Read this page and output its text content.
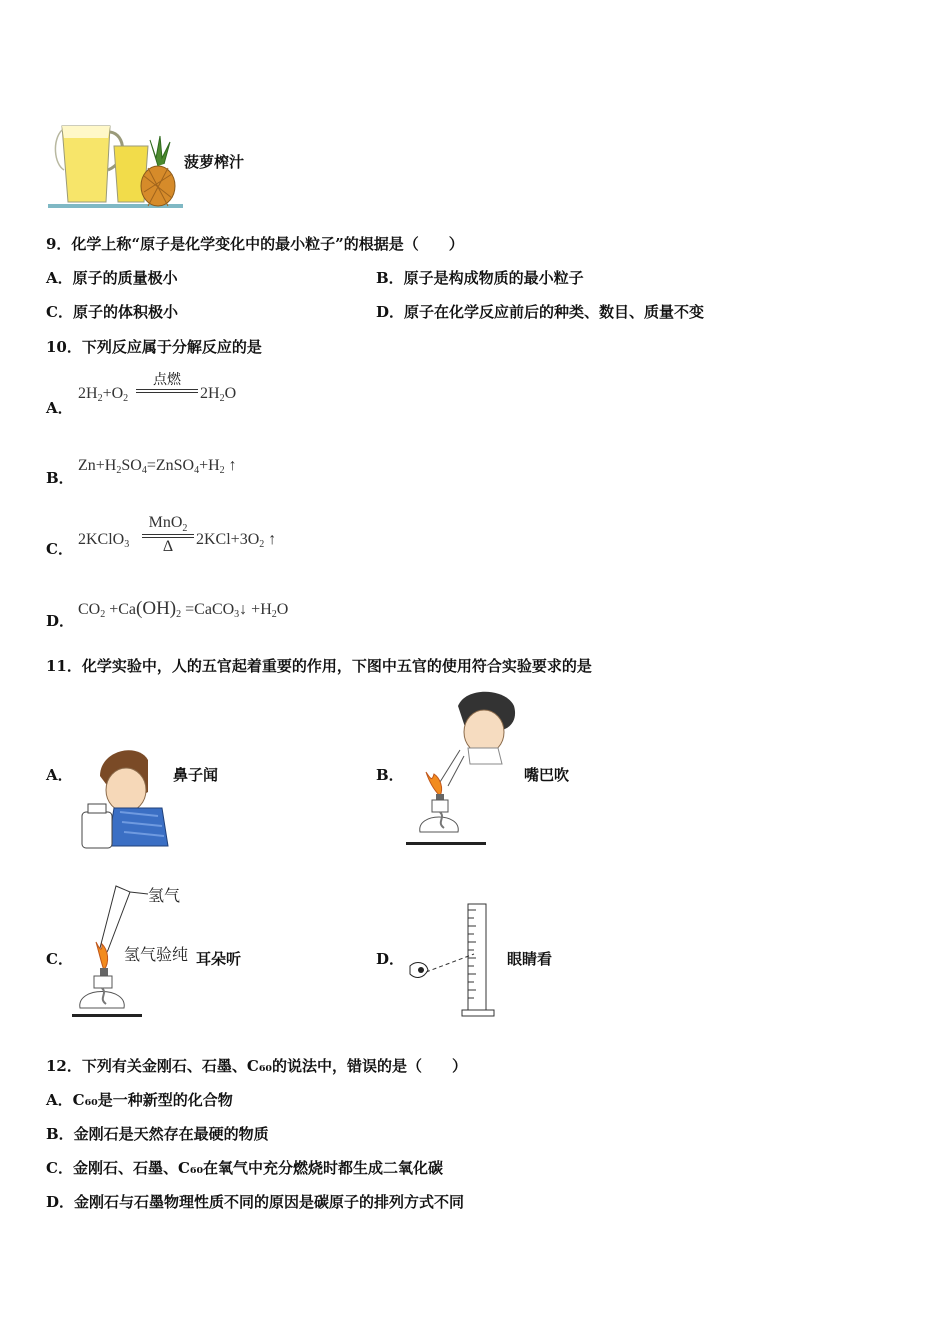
菠萝榨汁
9．化学上称“原子是化学变化中的最小粒子”的根据是（　　）
A．原子的质量极小	B．原子是构成物质的最小粒子
C．原子的体积极小	D．原子在化学反应前后的种类、数目、质量不变
10．下列反应属于分解反应的是
A．
$2H_2+O_2$
点燃
$2H_2O$
B．
$Zn+H_2SO_4=ZnSO_4+H_2$ ↑
C．
2KClO$_3$
MnO$_2$
Δ	$2KCl+3O_2$ ↑
D．
$CO_2 +Ca(OH)_2$ =CaCO$_3$↓ $+H_2O$
11．化学实验中，人的五官起着重要的作用，下图中五官的使用符合实验要求的是
A．	鼻子闻	B．	嘴巴吹
C．
氢气
氢气验纯 耳朵听	D．	眼睛看
12．下列有关金刚石、石墨、C₆₀的说法中，错误的是（　　）
A．C₆₀是一种新型的化合物
B．金刚石是天然存在最硬的物质
C．金刚石、石墨、C₆₀在氧气中充分燃烧时都生成二氧化碳
D．金刚石与石墨物理性质不同的原因是碳原子的排列方式不同
